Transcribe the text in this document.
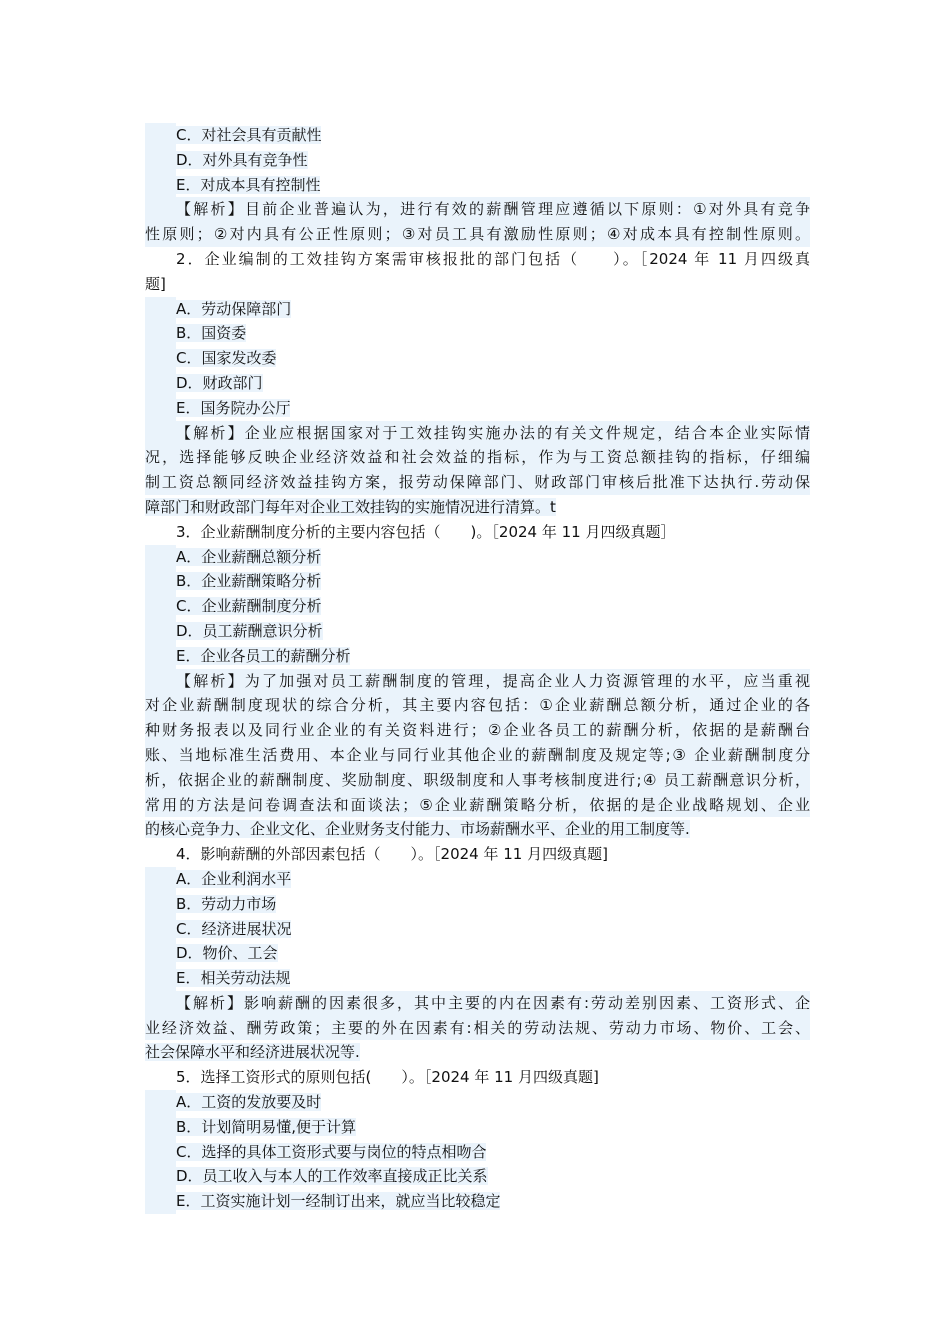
C．对社会具有贡献性
D．对外具有竞争性
E．对成本具有控制性
【解析】目前企业普遍认为，进行有效的薪酬管理应遵循以下原则：①对外具有竞争
性原则；②对内具有公正性原则；③对员工具有激励性原则；④对成本具有控制性原则。
2．企业编制的工效挂钩方案需审核报批的部门包括（　　）。［2024 年 11 月四级真
题]
A．劳动保障部门
B．国资委
C．国家发改委
D．财政部门
E．国务院办公厅
【解析】企业应根据国家对于工效挂钩实施办法的有关文件规定，结合本企业实际情
况，选择能够反映企业经济效益和社会效益的指标，作为与工资总额挂钩的指标，仔细编
制工资总额同经济效益挂钩方案，报劳动保障部门、财政部门审核后批准下达执行.劳动保
障部门和财政部门每年对企业工效挂钩的实施情况进行清算。t
3．企业薪酬制度分析的主要内容包括（　　)。［2024 年 11 月四级真题］
A．企业薪酬总额分析
B．企业薪酬策略分析
C．企业薪酬制度分析
D．员工薪酬意识分析
E．企业各员工的薪酬分析
【解析】为了加强对员工薪酬制度的管理，提高企业人力资源管理的水平，应当重视
对企业薪酬制度现状的综合分析，其主要内容包括：①企业薪酬总额分析，通过企业的各
种财务报表以及同行业企业的有关资料进行；②企业各员工的薪酬分析，依据的是薪酬台
账、当地标准生活费用、本企业与同行业其他企业的薪酬制度及规定等;③ 企业薪酬制度分
析，依据企业的薪酬制度、奖励制度、职级制度和人事考核制度进行;④ 员工薪酬意识分析，
常用的方法是问卷调查法和面谈法；⑤企业薪酬策略分析，依据的是企业战略规划、企业
的核心竞争力、企业文化、企业财务支付能力、市场薪酬水平、企业的用工制度等.
4．影响薪酬的外部因素包括（　　）。［2024 年 11 月四级真题]
A．企业利润水平
B．劳动力市场
C．经济进展状况
D．物价、工会
E．相关劳动法规
【解析】影响薪酬的因素很多，其中主要的内在因素有:劳动差别因素、工资形式、企
业经济效益、酬劳政策；主要的外在因素有:相关的劳动法规、劳动力市场、物价、工会、
社会保障水平和经济进展状况等.
5．选择工资形式的原则包括(　　）。［2024 年 11 月四级真题]
A．工资的发放要及时
B．计划简明易懂,便于计算
C．选择的具体工资形式要与岗位的特点相吻合
D．员工收入与本人的工作效率直接成正比关系
E．工资实施计划一经制订出来，就应当比较稳定
